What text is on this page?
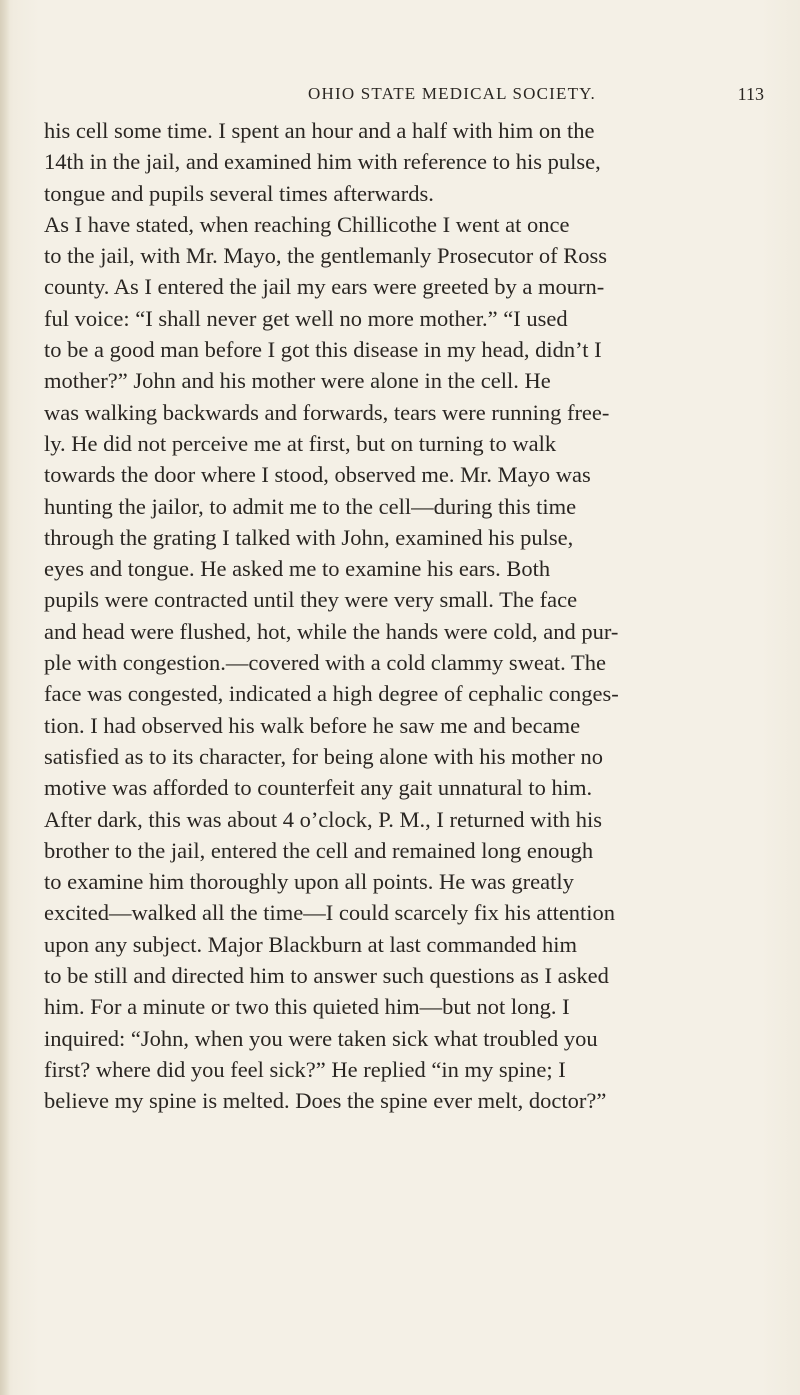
OHIO STATE MEDICAL SOCIETY.	113
his cell some time. I spent an hour and a half with him on the
14th in the jail, and examined him with reference to his pulse,
tongue and pupils several times afterwards.
As I have stated, when reaching Chillicothe I went at once
to the jail, with Mr. Mayo, the gentlemanly Prosecutor of Ross
county. As I entered the jail my ears were greeted by a mourn-
ful voice: “I shall never get well no more mother.” “I used
to be a good man before I got this disease in my head, didn’t I
mother?” John and his mother were alone in the cell. He
was walking backwards and forwards, tears were running free-
ly. He did not perceive me at first, but on turning to walk
towards the door where I stood, observed me. Mr. Mayo was
hunting the jailor, to admit me to the cell—during this time
through the grating I talked with John, examined his pulse,
eyes and tongue. He asked me to examine his ears. Both
pupils were contracted until they were very small. The face
and head were flushed, hot, while the hands were cold, and pur-
ple with congestion.—covered with a cold clammy sweat. The
face was congested, indicated a high degree of cephalic conges-
tion. I had observed his walk before he saw me and became
satisfied as to its character, for being alone with his mother no
motive was afforded to counterfeit any gait unnatural to him.
After dark, this was about 4 o’clock, P. M., I returned with his
brother to the jail, entered the cell and remained long enough
to examine him thoroughly upon all points. He was greatly
excited—walked all the time—I could scarcely fix his attention
upon any subject. Major Blackburn at last commanded him
to be still and directed him to answer such questions as I asked
him. For a minute or two this quieted him—but not long. I
inquired: “John, when you were taken sick what troubled you
first? where did you feel sick?” He replied “in my spine; I
believe my spine is melted. Does the spine ever melt, doctor?”
